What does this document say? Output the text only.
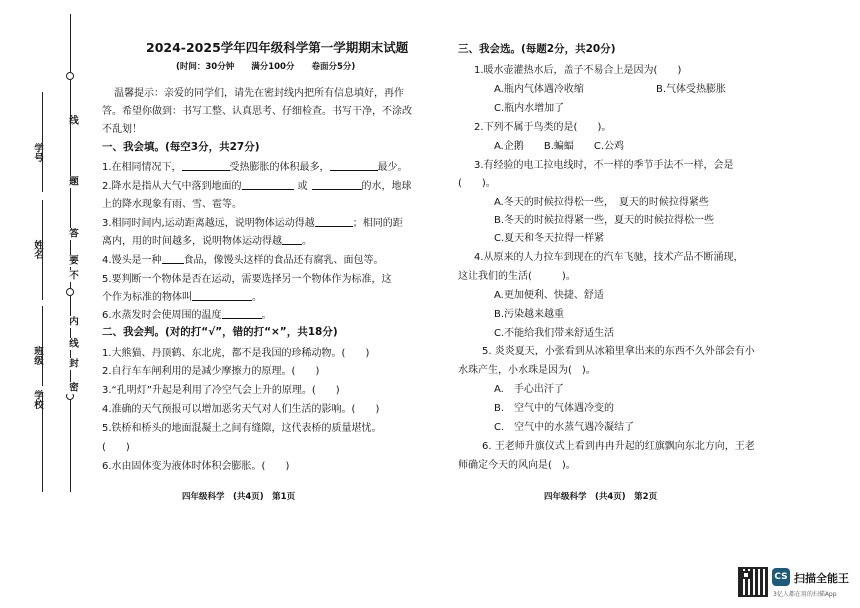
线
题
答
要
不
内
线
封
密
学号
姓名
班级
学校
2024-2025学年四年级科学第一学期期末试题
(时间：30分钟　　满分100分　　卷面分5分)
温馨提示：亲爱的同学们，请先在密封线内把所有信息填好，再作
答。希望你做到：书写工整、认真思考、仔细检查。书写干净，不涂改
不乱划！
一、我会填。(每空3分，共27分)
1.在相同情况下，	受热膨胀的体积最多，	最少。
2.降水是指从大气中落到地面的	或	的水，地球
上的降水现象有雨、雪、雹等。
3.相同时间内,运动距离越远，说明物体运动得越	；相同的距
离内，用的时间越多，说明物体运动得越 。
4.馒头是一种 食品，像馒头这样的食品还有腐乳、面包等。
5.要判断一个物体是否在运动，需要选择另一个物体作为标准，这
个作为标准的物体叫	。
6.水蒸发时会使周围的温度	。
二、我会判。(对的打“√”，错的打“×”，共18分)
1.大熊猫、丹顶鹤、东北虎，都不是我国的珍稀动物。(　　)
2.自行车车闸利用的是减少摩擦力的原理。(　　)
3.“孔明灯”升起是利用了冷空气会上升的原理。(　　)
4.准确的天气预报可以增加恶劣天气对人们生活的影响。(　　)
5.铁桥和桥头的地面混凝土之间有缝隙，这代表桥的质量堪忧。
(　　)
6.水由固体变为液体时体积会膨胀。(　　)
四年级科学　(共4页)　第1页
三、我会选。(每题2分，共20分)
1.暖水壶灌热水后，盖子不易合上是因为(　　)
A.瓶内气体遇冷收缩	B.气体受热膨胀
C.瓶内水增加了
2.下列不属于鸟类的是(　　)。
A.企鹅　　B.蝙蝠　　C.公鸡
3.有经验的电工拉电线时，不一样的季节手法不一样，会是
(　　)。
A.冬天的时候拉得松一些，　夏天的时候拉得紧些
B.冬天的时候拉得紧一些，夏天的时候拉得松一些
C.夏天和冬天拉得一样紧
4.从原来的人力拉车到现在的汽车飞驰，技术产品不断涌现，
这让我们的生活(　　　)。
A.更加便利、快捷、舒适
B.污染越来越重
C.不能给我们带来舒适生活
5. 炎炎夏天，小张看到从冰箱里拿出来的东西不久外部会有小
水珠产生，小水珠是因为(　)。
A.　手心出汗了
B.　空气中的气体遇冷变的
C.　空气中的水蒸气遇冷凝结了
6. 王老师升旗仪式上看到冉冉升起的红旗飘向东北方向，王老
师确定今天的风向是(　)。
四年级科学　(共4页)　第2页
CS 扫描全能王
3亿人都在用的扫描App
